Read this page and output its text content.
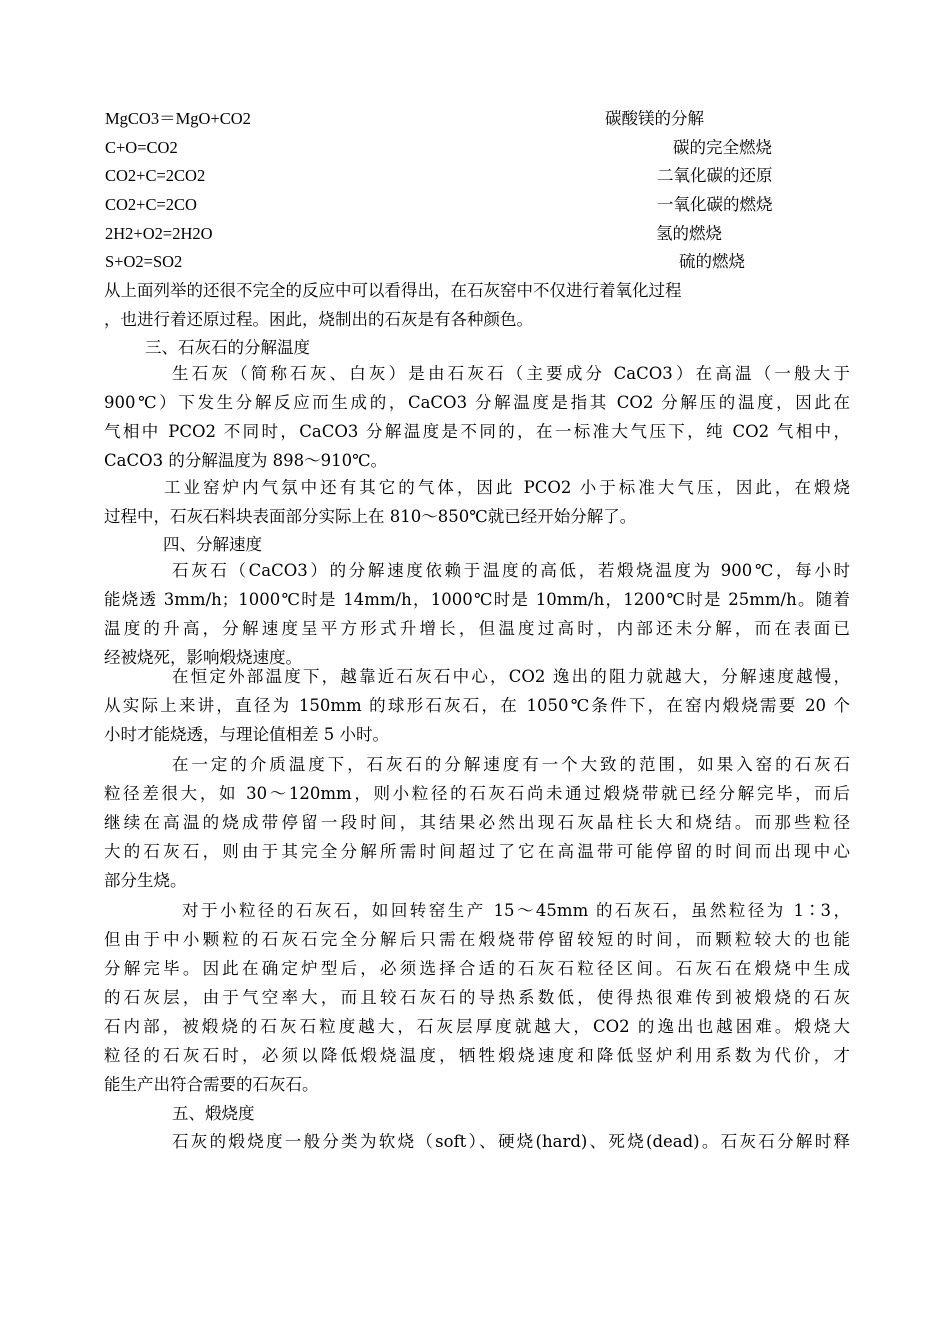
MgCO3＝MgO+CO2	碳酸镁的分解
C+O=CO2	碳的完全燃烧
CO2+C=2CO2	二氧化碳的还原
CO2+C=2CO	一氧化碳的燃烧
2H2+O2=2H2O	氢的燃烧
S+O2=SO2	硫的燃烧
从上面列举的还很不完全的反应中可以看得出，在石灰窑中不仅进行着氧化过程
，也进行着还原过程。困此，烧制出的石灰是有各种颜色。
三、石灰石的分解温度
生石灰（简称石灰、白灰）是由石灰石（主要成分 CaCO3）在高温（一般大于
900℃）下发生分解反应而生成的，CaCO3 分解温度是指其 CO2 分解压的温度，因此在
气相中 PCO2 不同时，CaCO3 分解温度是不同的，在一标准大气压下，纯 CO2 气相中，
CaCO3 的分解温度为 898～910℃。
工业窑炉内气氛中还有其它的气体，因此 PCO2 小于标准大气压，因此，在煅烧
过程中，石灰石料块表面部分实际上在 810～850℃就已经开始分解了。
四、分解速度
石灰石（CaCO3）的分解速度依赖于温度的高低，若煅烧温度为 900℃，每小时
能烧透 3mm/h；1000℃时是 14mm/h，1000℃时是 10mm/h，1200℃时是 25mm/h。随着
温度的升高，分解速度呈平方形式升增长，但温度过高时，内部还未分解，而在表面已
经被烧死，影响煅烧速度。
在恒定外部温度下，越靠近石灰石中心，CO2 逸出的阻力就越大，分解速度越慢，
从实际上来讲，直径为 150mm 的球形石灰石，在 1050℃条件下，在窑内煅烧需要 20 个
小时才能烧透，与理论值相差 5 小时。
在一定的介质温度下，石灰石的分解速度有一个大致的范围，如果入窑的石灰石
粒径差很大，如 30～120mm，则小粒径的石灰石尚未通过煅烧带就已经分解完毕，而后
继续在高温的烧成带停留一段时间，其结果必然出现石灰晶柱长大和烧结。而那些粒径
大的石灰石，则由于其完全分解所需时间超过了它在高温带可能停留的时间而出现中心
部分生烧。
对于小粒径的石灰石，如回转窑生产 15～45mm 的石灰石，虽然粒径为 1∶3，
但由于中小颗粒的石灰石完全分解后只需在煅烧带停留较短的时间，而颗粒较大的也能
分解完毕。因此在确定炉型后，必须选择合适的石灰石粒径区间。石灰石在煅烧中生成
的石灰层，由于气空率大，而且较石灰石的导热系数低，使得热很难传到被煅烧的石灰
石内部，被煅烧的石灰石粒度越大，石灰层厚度就越大，CO2 的逸出也越困难。煅烧大
粒径的石灰石时，必须以降低煅烧温度，牺牲煅烧速度和降低竖炉利用系数为代价，才
能生产出符合需要的石灰石。
五、煅烧度
石灰的煅烧度一般分类为软烧（soft）、硬烧(hard)、死烧(dead)。石灰石分解时释
